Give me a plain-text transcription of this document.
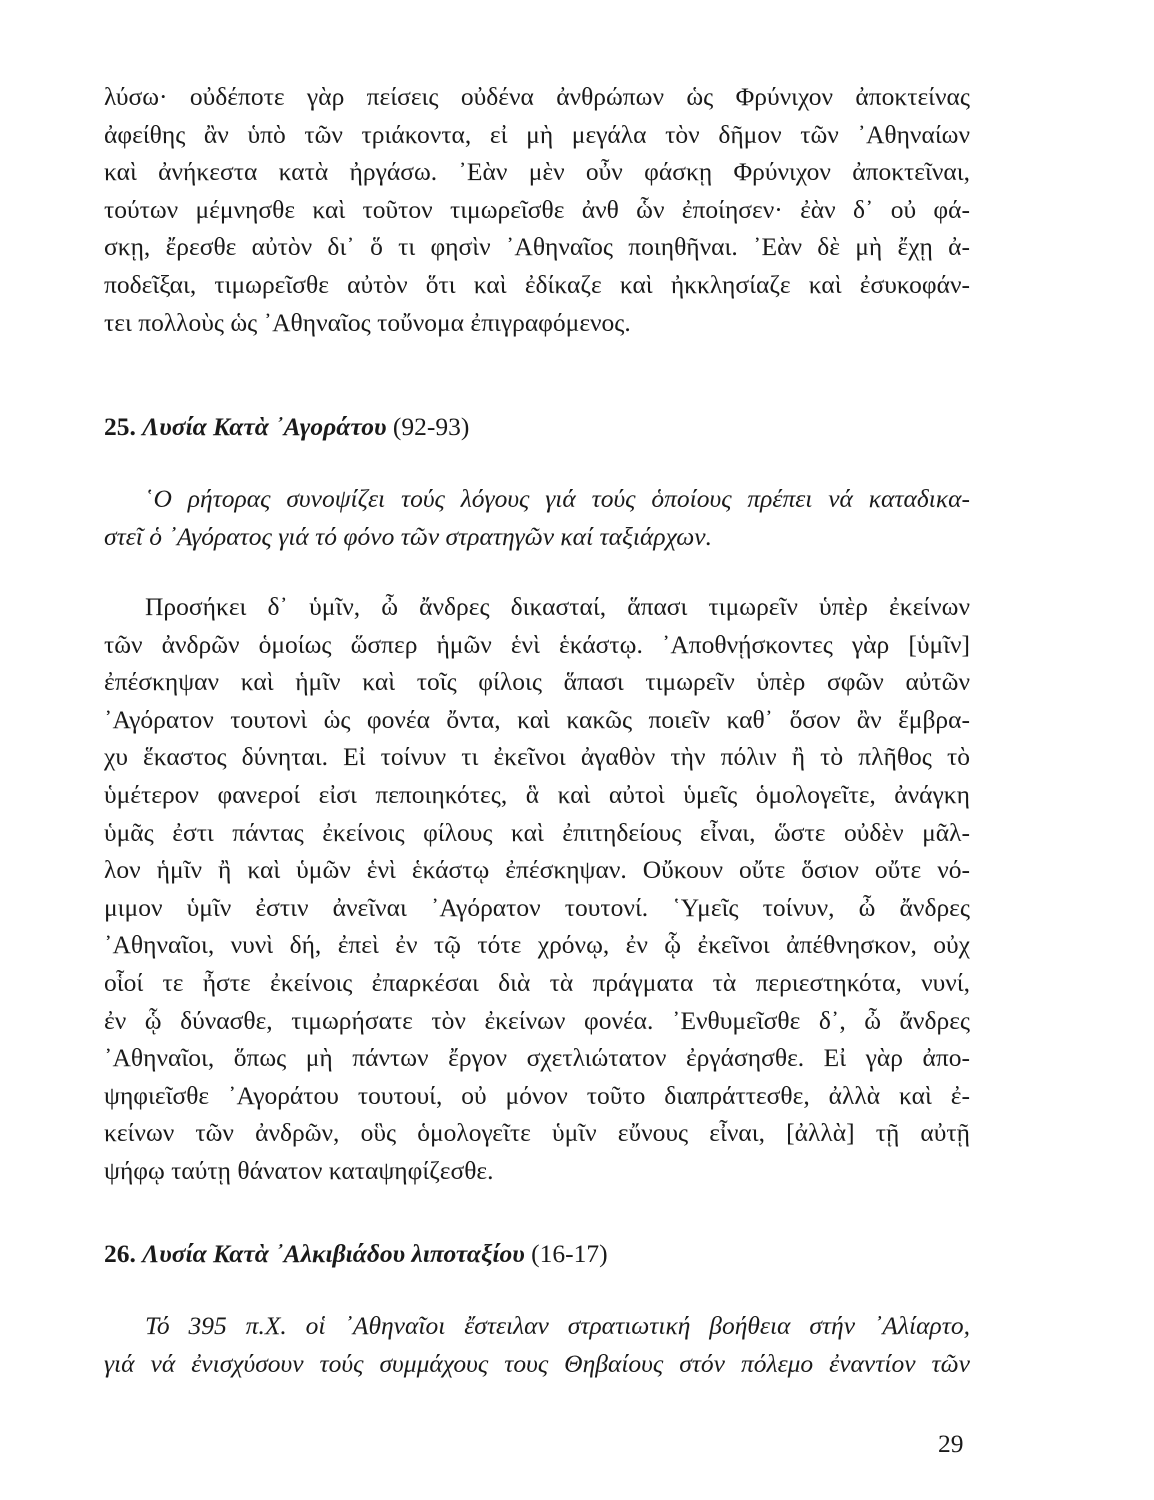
λύσω· οὐδέποτε γὰρ πείσεις οὐδένα ἀνθρώπων ὡς Φρύνιχον ἀποκτείνας
ἀφείθης ἂν ὑπὸ τῶν τριάκοντα, εἰ μὴ μεγάλα τὸν δῆμον τῶν ᾿Αθηναίων
καὶ ἀνήκεστα κατὰ ἠργάσω. ᾿Εὰν μὲν οὖν φάσκῃ Φρύνιχον ἀποκτεῖναι,
τούτων μέμνησθε καὶ τοῦτον τιμωρεῖσθε ἀνθ ὧν ἐποίησεν· ἐὰν δ᾿ οὐ φά-
σκῃ, ἔρεσθε αὐτὸν δι᾿ ὅ τι φησὶν ᾿Αθηναῖος ποιηθῆναι. ᾿Εὰν δὲ μὴ ἔχῃ ἀ-
ποδεῖξαι, τιμωρεῖσθε αὐτὸν ὅτι καὶ ἐδίκαζε καὶ ἠκκλησίαζε καὶ ἐσυκοφάν-
τει πολλοὺς ὡς ᾿Αθηναῖος τοὔνομα ἐπιγραφόμενος.
25. Λυσία Κατὰ ᾿Αγοράτου (92-93)
῾Ο ρήτορας συνοψίζει τούς λόγους γιά τούς ὁποίους πρέπει νά καταδικα-
στεῖ ὁ ᾿Αγόρατος γιά τό φόνο τῶν στρατηγῶν καί ταξιάρχων.
Προσήκει δ᾿ ὑμῖν, ὦ ἄνδρες δικασταί, ἅπασι τιμωρεῖν ὑπὲρ ἐκείνων
τῶν ἀνδρῶν ὁμοίως ὥσπερ ἡμῶν ἑνὶ ἑκάστῳ. ᾿Αποθνῄσκοντες γὰρ [ὑμῖν]
ἐπέσκηψαν καὶ ἡμῖν καὶ τοῖς φίλοις ἅπασι τιμωρεῖν ὑπὲρ σφῶν αὐτῶν
᾿Αγόρατον τουτονὶ ὡς φονέα ὄντα, καὶ κακῶς ποιεῖν καθ᾿ ὅσον ἂν ἕμβρα-
χυ ἕκαστος δύνηται. Εἰ τοίνυν τι ἐκεῖνοι ἀγαθὸν τὴν πόλιν ἢ τὸ πλῆθος τὸ
ὑμέτερον φανεροί εἰσι πεποιηκότες, ἃ καὶ αὐτοὶ ὑμεῖς ὁμολογεῖτε, ἀνάγκη
ὑμᾶς ἐστι πάντας ἐκείνοις φίλους καὶ ἐπιτηδείους εἶναι, ὥστε οὐδὲν μᾶλ-
λον ἡμῖν ἢ καὶ ὑμῶν ἑνὶ ἑκάστῳ ἐπέσκηψαν. Οὔκουν οὔτε ὅσιον οὔτε νό-
μιμον ὑμῖν ἐστιν ἀνεῖναι ᾿Αγόρατον τουτονί. ῾Υμεῖς τοίνυν, ὦ ἄνδρες
᾿Αθηναῖοι, νυνὶ δή, ἐπεὶ ἐν τῷ τότε χρόνῳ, ἐν ᾧ ἐκεῖνοι ἀπέθνησκον, οὐχ
οἷοί τε ἦστε ἐκείνοις ἐπαρκέσαι διὰ τὰ πράγματα τὰ περιεστηκότα, νυνί,
ἐν ᾧ δύνασθε, τιμωρήσατε τὸν ἐκείνων φονέα. ᾿Ενθυμεῖσθε δ᾿, ὦ ἄνδρες
᾿Αθηναῖοι, ὅπως μὴ πάντων ἔργον σχετλιώτατον ἐργάσησθε. Εἰ γὰρ ἀπο-
ψηφιεῖσθε ᾿Αγοράτου τουτουί, οὐ μόνον τοῦτο διαπράττεσθε, ἀλλὰ καὶ ἐ-
κείνων τῶν ἀνδρῶν, οὓς ὁμολογεῖτε ὑμῖν εὔνους εἶναι, [ἀλλὰ] τῇ αὐτῇ
ψήφῳ ταύτῃ θάνατον καταψηφίζεσθε.
26. Λυσία Κατὰ ᾿Αλκιβιάδου λιποταξίου (16-17)
Τό 395 π.Χ. οἱ ᾿Αθηναῖοι ἔστειλαν στρατιωτική βοήθεια στήν ᾿Αλίαρτο,
γιά νά ἐνισχύσουν τούς συμμάχους τους Θηβαίους στόν πόλεμο ἐναντίον τῶν
29
